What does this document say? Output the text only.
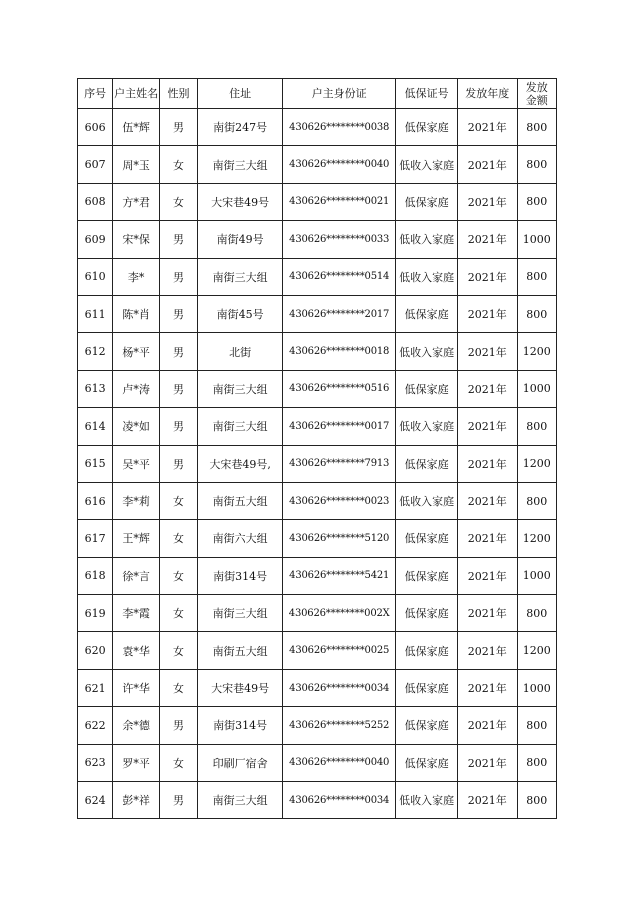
序号	户主姓名	性别	住址	户主身份证	低保证号	发放年度	发放
金额

606	伍*辉	男	南街247号	430626********0038	低保家庭	2021年	800
607	周*玉	女	南街三大组	430626********0040	低收入家庭	2021年	800
608	方*君	女	大宋巷49号	430626********0021	低保家庭	2021年	800
609	宋*保	男	南街49号	430626********0033	低收入家庭	2021年	1000
610	李*	男	南街三大组	430626********0514	低收入家庭	2021年	800
611	陈*肖	男	南街45号	430626********2017	低保家庭	2021年	800
612	杨*平	男	北街	430626********0018	低收入家庭	2021年	1200
613	卢*涛	男	南街三大组	430626********0516	低保家庭	2021年	1000
614	凌*如	男	南街三大组	430626********0017	低收入家庭	2021年	800
615	吴*平	男	大宋巷49号,	430626********7913	低保家庭	2021年	1200
616	李*莉	女	南街五大组	430626********0023	低收入家庭	2021年	800
617	王*辉	女	南街六大组	430626********5120	低保家庭	2021年	1200
618	徐*言	女	南街314号	430626********5421	低保家庭	2021年	1000
619	李*霞	女	南街三大组	430626********002X	低保家庭	2021年	800
620	袁*华	女	南街五大组	430626********0025	低保家庭	2021年	1200
621	许*华	女	大宋巷49号	430626********0034	低保家庭	2021年	1000
622	余*德	男	南街314号	430626********5252	低保家庭	2021年	800
623	罗*平	女	印刷厂宿舍	430626********0040	低保家庭	2021年	800
624	彭*祥	男	南街三大组	430626********0034	低收入家庭	2021年	800
